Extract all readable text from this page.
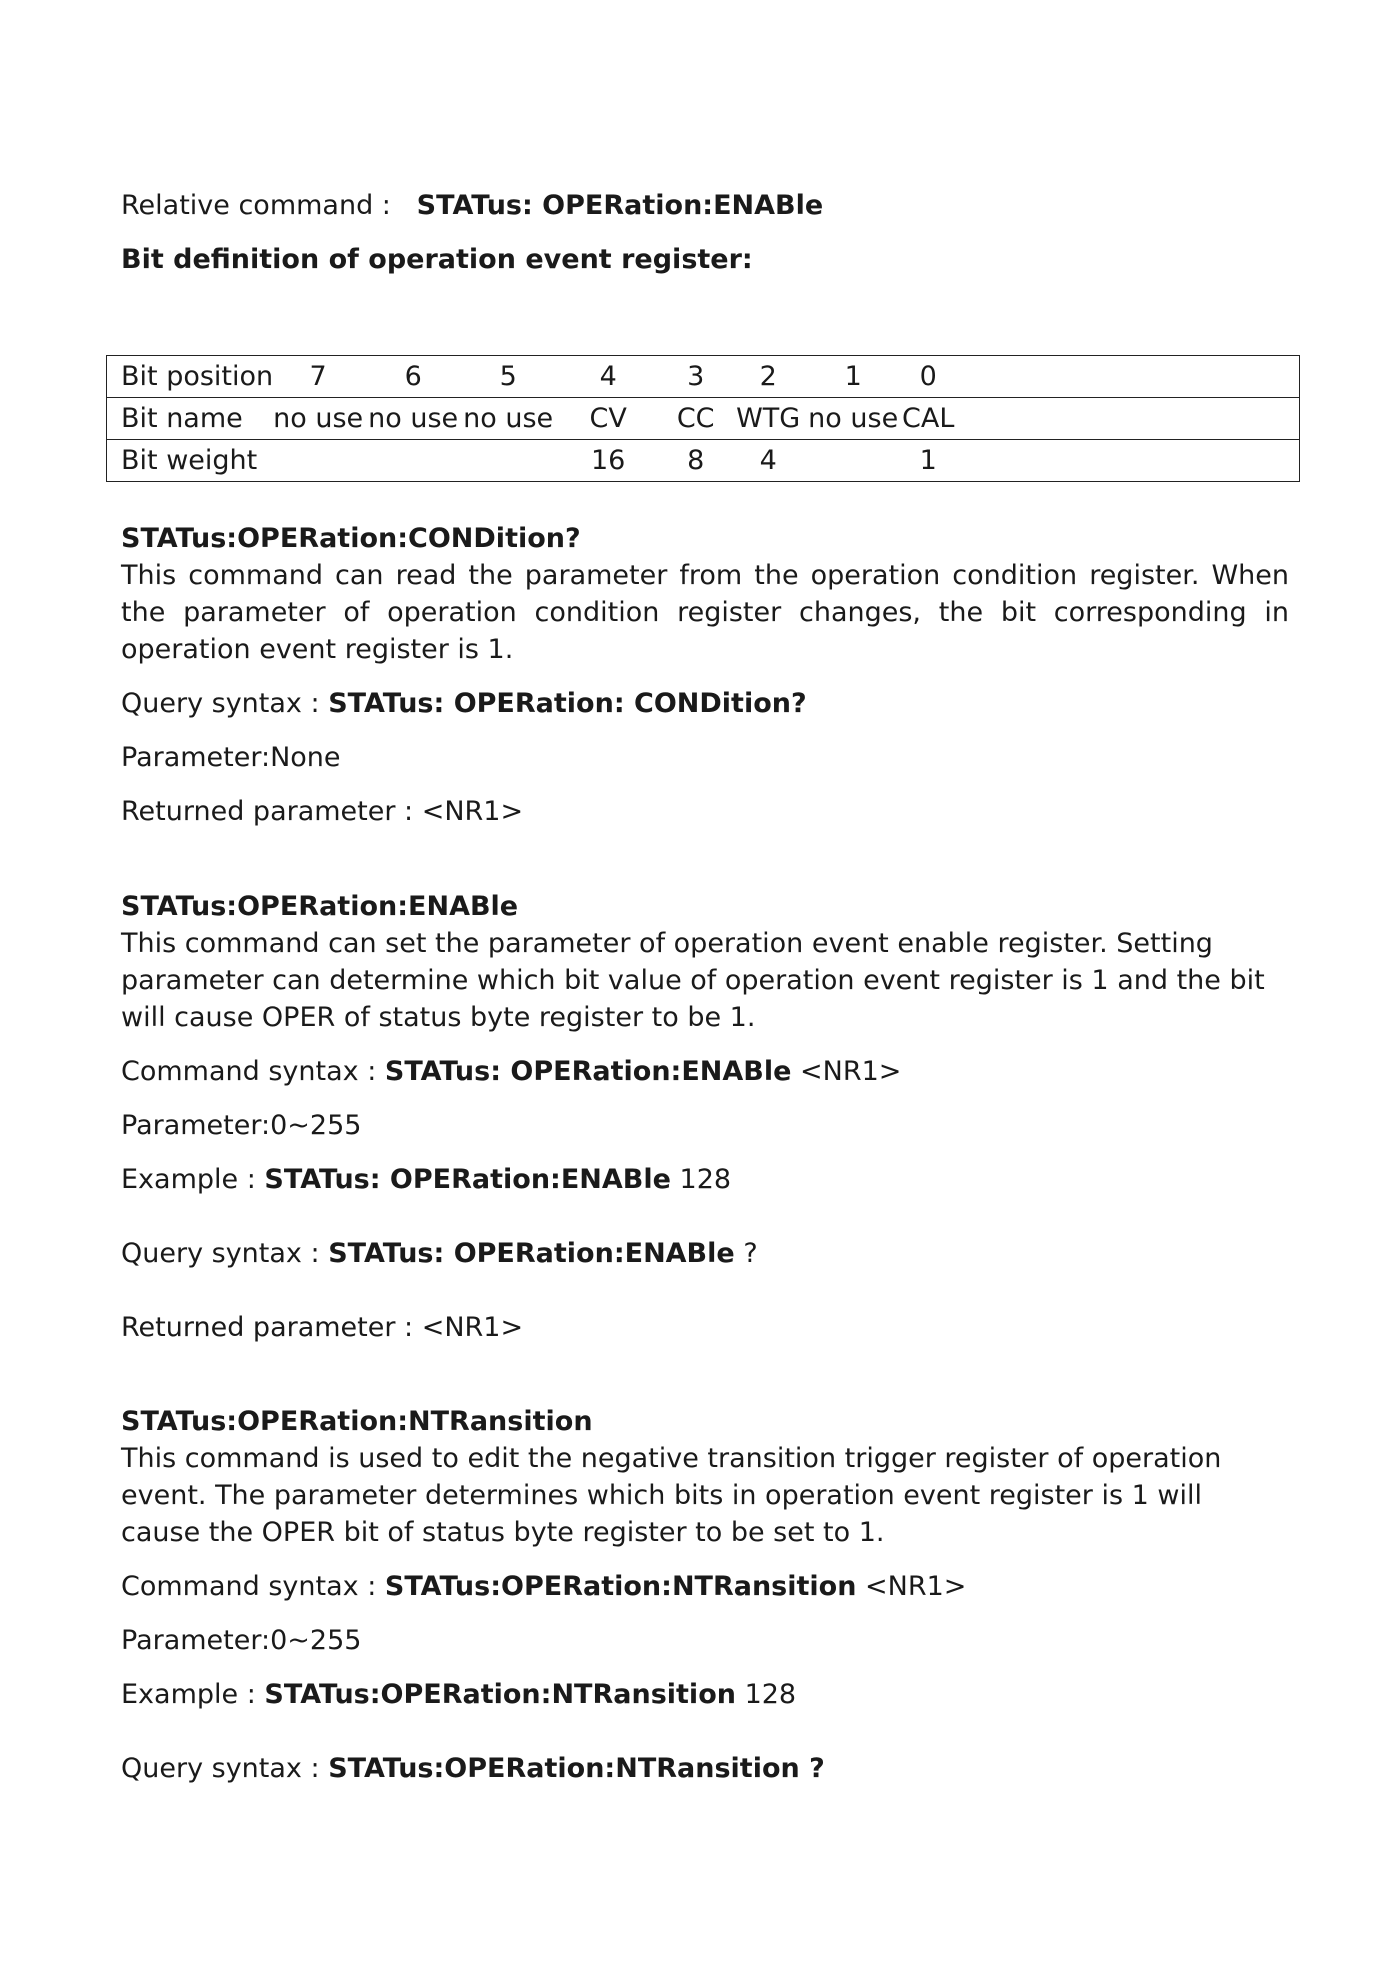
Relative command : STATus: OPERation:ENABle
Bit definition of operation event register:
Bit position	7	6	5	4	3	2	1	0	
Bit name	no use	no use	no use	CV	CC	WTG	no use	CAL	
Bit weight				16	8	4		1	
STATus:OPERation:CONDition?
This command can read the parameter from the operation condition register. When the parameter of operation condition register changes, the bit corresponding in operation event register is 1.
Query syntax : STATus: OPERation: CONDition?
Parameter:None
Returned parameter : <NR1>
STATus:OPERation:ENABle
This command can set the parameter of operation event enable register. Setting parameter can determine which bit value of operation event register is 1 and the bit will cause OPER of status byte register to be 1.
Command syntax : STATus: OPERation:ENABle <NR1>
Parameter:0~255
Example : STATus: OPERation:ENABle 128
Query syntax : STATus: OPERation:ENABle ?
Returned parameter : <NR1>
STATus:OPERation:NTRansition
This command is used to edit the negative transition trigger register of operation event. The parameter determines which bits in operation event register is 1 will cause the OPER bit of status byte register to be set to 1.
Command syntax : STATus:OPERation:NTRansition <NR1>
Parameter:0~255
Example : STATus:OPERation:NTRansition 128
Query syntax : STATus:OPERation:NTRansition ?
